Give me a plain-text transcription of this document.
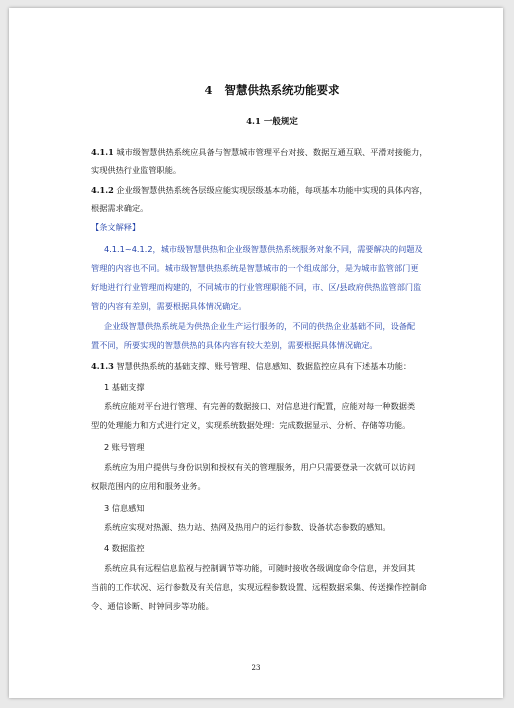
4 智慧供热系统功能要求
4.1 一般规定
4.1.1 城市级智慧供热系统应具备与智慧城市管理平台对接、数据互通互联、平滑对接能力，
实现供热行业监管职能。
4.1.2 企业级智慧供热系统各层级应能实现层级基本功能，每项基本功能中实现的具体内容，
根据需求确定。
【条文解释】
4.1.1~4.1.2，城市级智慧供热和企业级智慧供热系统服务对象不同，需要解决的问题及
管理的内容也不同。城市级智慧供热系统是智慧城市的一个组成部分，是为城市监管部门更
好地进行行业管理而构建的，不同城市的行业管理职能不同，市、区/县政府供热监管部门监
管的内容有差别，需要根据具体情况确定。
企业级智慧供热系统是为供热企业生产运行服务的，不同的供热企业基础不同，设备配
置不同，所要实现的智慧供热的具体内容有较大差别，需要根据具体情况确定。
4.1.3 智慧供热系统的基础支撑、账号管理、信息感知、数据监控应具有下述基本功能：
1 基础支撑
系统应能对平台进行管理、有完善的数据接口、对信息进行配置，应能对每一种数据类
型的处理能力和方式进行定义，实现系统数据处理：完成数据显示、分析、存储等功能。
2 账号管理
系统应为用户提供与身份识别和授权有关的管理服务，用户只需要登录一次就可以访问
权限范围内的应用和服务业务。
3 信息感知
系统应实现对热源、热力站、热网及热用户的运行参数、设备状态参数的感知。
4 数据监控
系统应具有远程信息监视与控制调节等功能，可随时接收各级调度命令信息，并发回其
当前的工作状况、运行参数及有关信息，实现远程参数设置、远程数据采集、传送操作控制命
令、通信诊断、时钟同步等功能。
23
